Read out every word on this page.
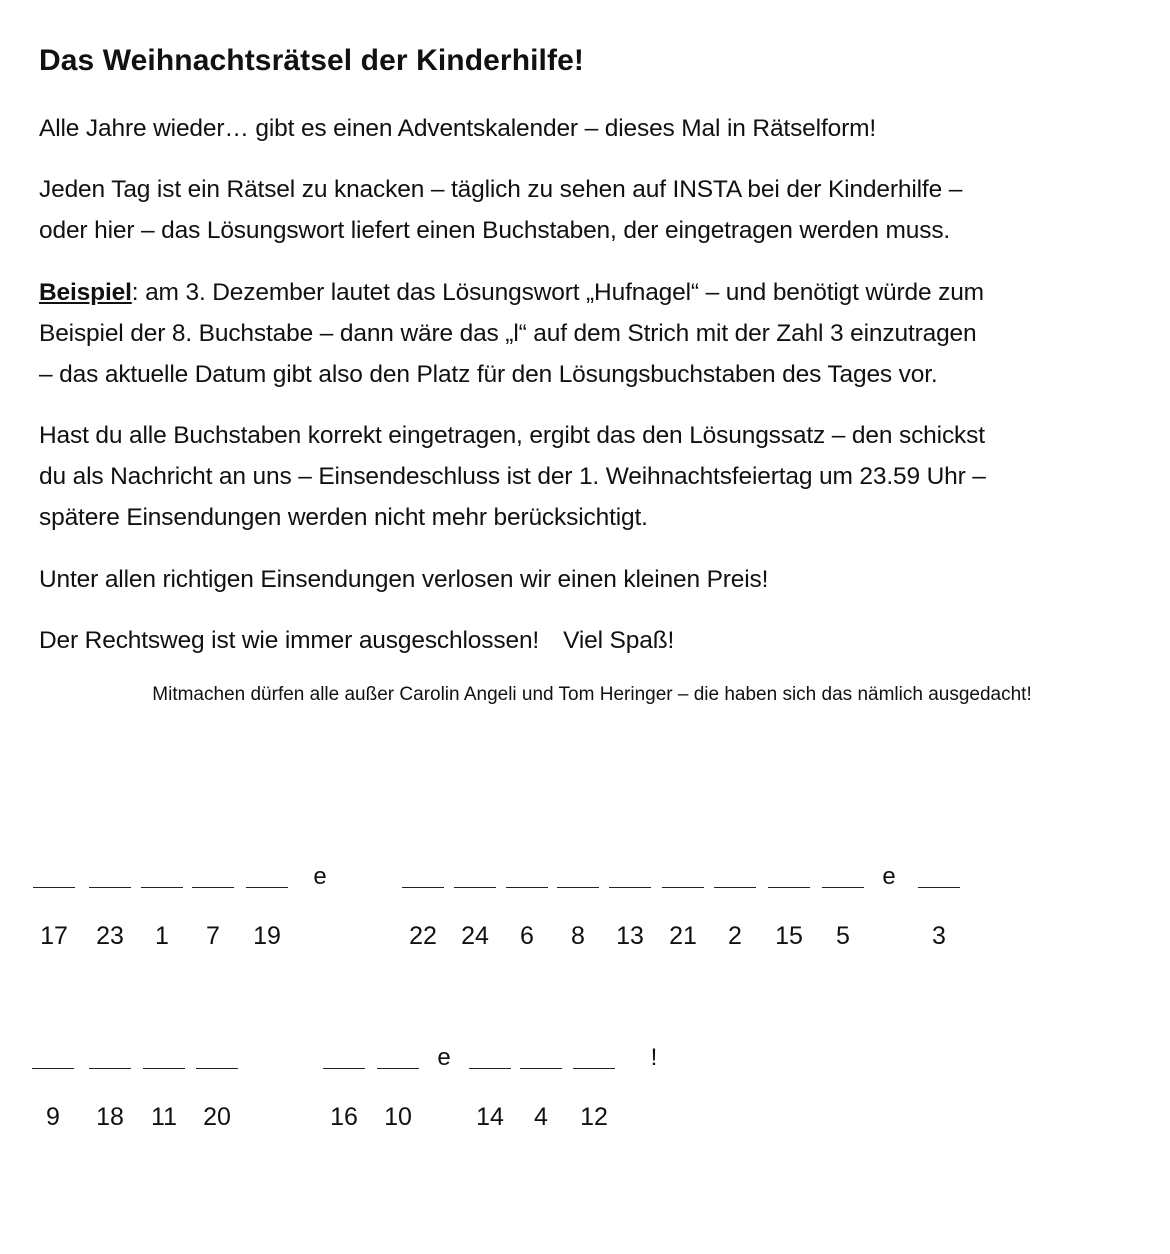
Das Weihnachtsrätsel der Kinderhilfe!
Alle Jahre wieder… gibt es einen Adventskalender – dieses Mal in Rätselform!
Jeden Tag ist ein Rätsel zu knacken – täglich zu sehen auf INSTA bei der Kinderhilfe –
oder hier – das Lösungswort liefert einen Buchstaben, der eingetragen werden muss.
Beispiel: am 3. Dezember lautet das Lösungswort „Hufnagel“ – und benötigt würde zum
Beispiel der 8. Buchstabe – dann wäre das „l“ auf dem Strich mit der Zahl 3 einzutragen
– das aktuelle Datum gibt also den Platz für den Lösungsbuchstaben des Tages vor.
Hast du alle Buchstaben korrekt eingetragen, ergibt das den Lösungssatz – den schickst
du als Nachricht an uns – Einsendeschluss ist der 1. Weihnachtsfeiertag um 23.59 Uhr –
spätere Einsendungen werden nicht mehr berücksichtigt.
Unter allen richtigen Einsendungen verlosen wir einen kleinen Preis!
Der Rechtsweg ist wie immer ausgeschlossen! Viel Spaß!
Mitmachen dürfen alle außer Carolin Angeli und Tom Heringer – die haben sich das nämlich ausgedacht!
17 23 1 7 19
e
22 24 6 8 13 21 2 15 5
e
3
9 18 11 20	16 10
e
14 4 12
!
